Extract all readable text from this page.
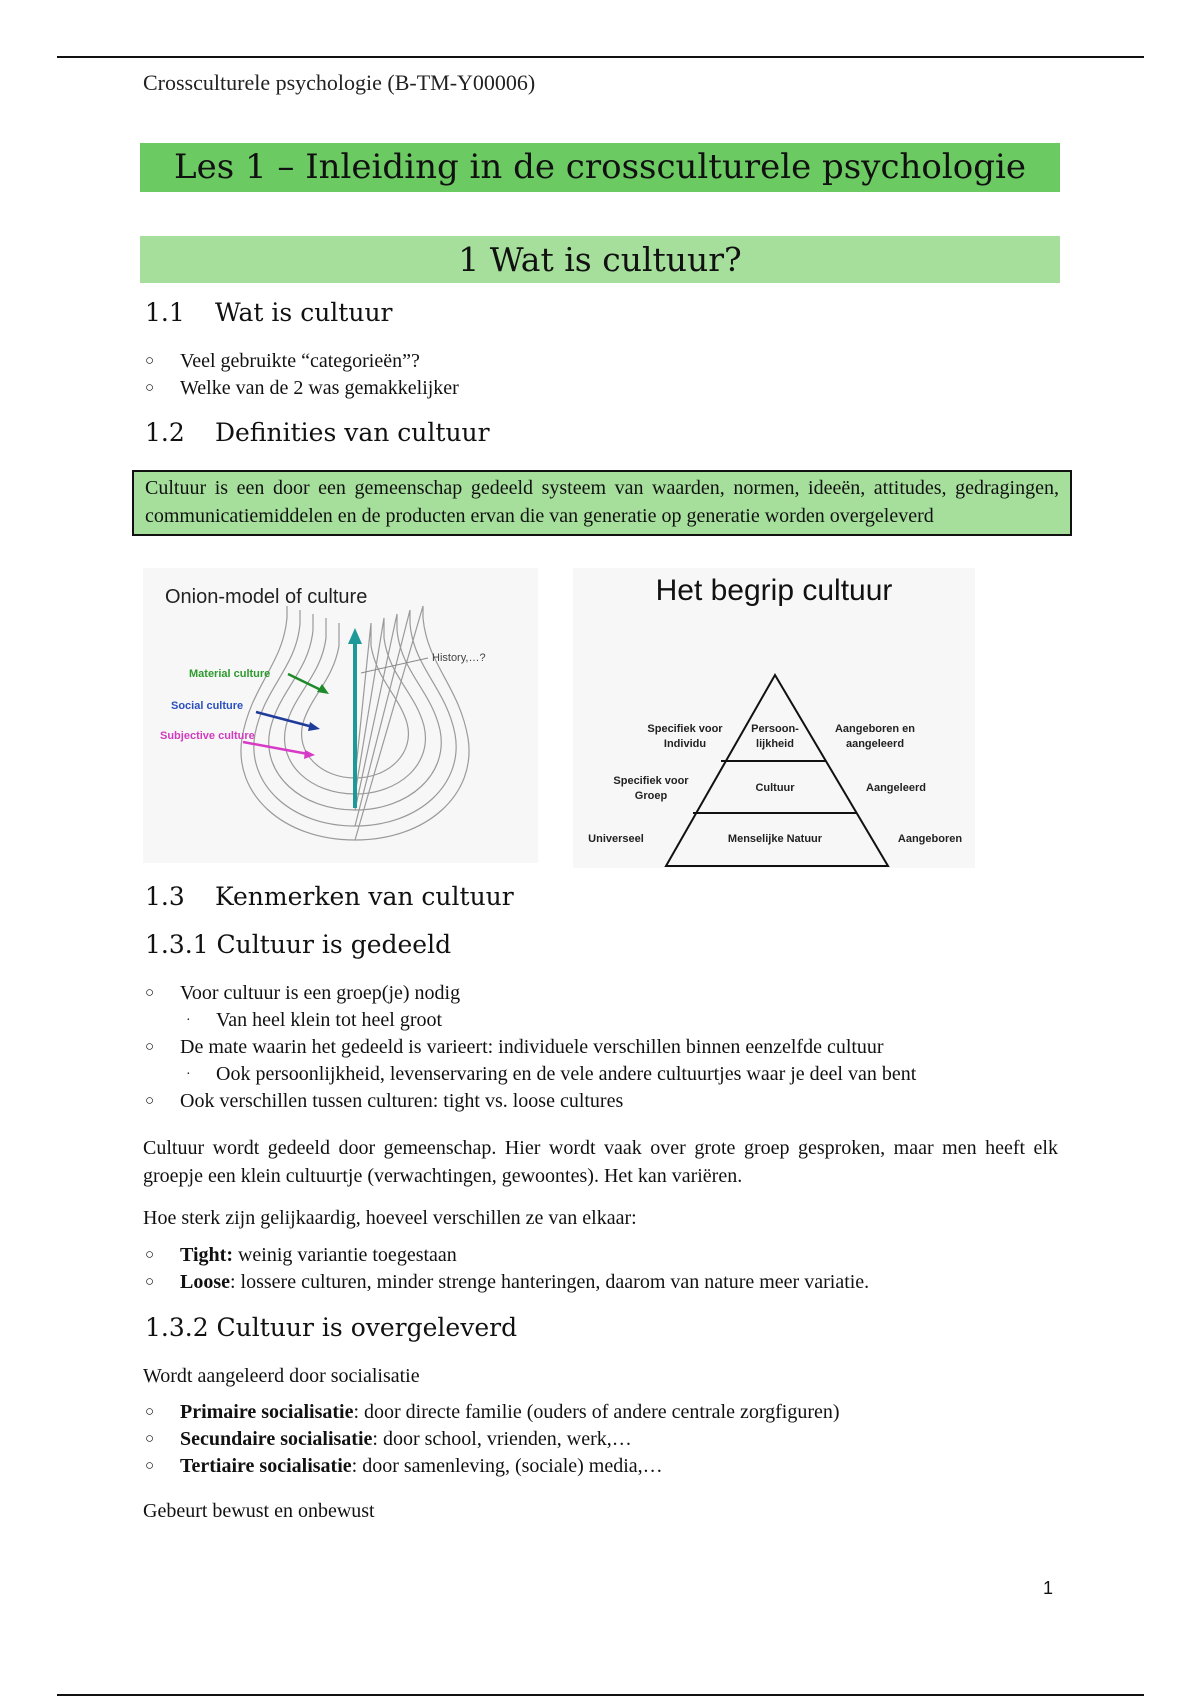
Crossculturele psychologie (B-TM-Y00006)
Les 1 – Inleiding in de crossculturele psychologie
1 Wat is cultuur?
1.1 Wat is cultuur
○ Veel gebruikte “categorieën”?
○ Welke van de 2 was gemakkelijker
1.2 Definities van cultuur
Cultuur is een door een gemeenschap gedeeld systeem van waarden, normen, ideeën, attitudes, gedragingen, communicatiemiddelen en de producten ervan die van generatie op generatie worden overgeleverd
1.3 Kenmerken van cultuur
1.3.1 Cultuur is gedeeld
○ Voor cultuur is een groep(je) nodig
· Van heel klein tot heel groot
○ De mate waarin het gedeeld is varieert: individuele verschillen binnen eenzelfde cultuur
· Ook persoonlijkheid, levenservaring en de vele andere cultuurtjes waar je deel van bent
○ Ook verschillen tussen culturen: tight vs. loose cultures
Cultuur wordt gedeeld door gemeenschap. Hier wordt vaak over grote groep gesproken, maar men heeft elk groepje een klein cultuurtje (verwachtingen, gewoontes). Het kan variëren.
Hoe sterk zijn gelijkaardig, hoeveel verschillen ze van elkaar:
○ Tight: weinig variantie toegestaan
○ Loose: lossere culturen, minder strenge hanteringen, daarom van nature meer variatie.
1.3.2 Cultuur is overgeleverd
Wordt aangeleerd door socialisatie
○ Primaire socialisatie: door directe familie (ouders of andere centrale zorgfiguren)
○ Secundaire socialisatie: door school, vrienden, werk,…
○ Tertiaire socialisatie: door samenleving, (sociale) media,…
Gebeurt bewust en onbewust
Onion-model of culture
History,…?
Material culture
Social culture
Subjective culture
Het begrip cultuur
Persoon-
lijkheid
Cultuur
Menselijke Natuur
Specifiek voor
Individu
Specifiek voor
Groep
Universeel
Aangeboren en
aangeleerd
Aangeleerd
Aangeboren
1
